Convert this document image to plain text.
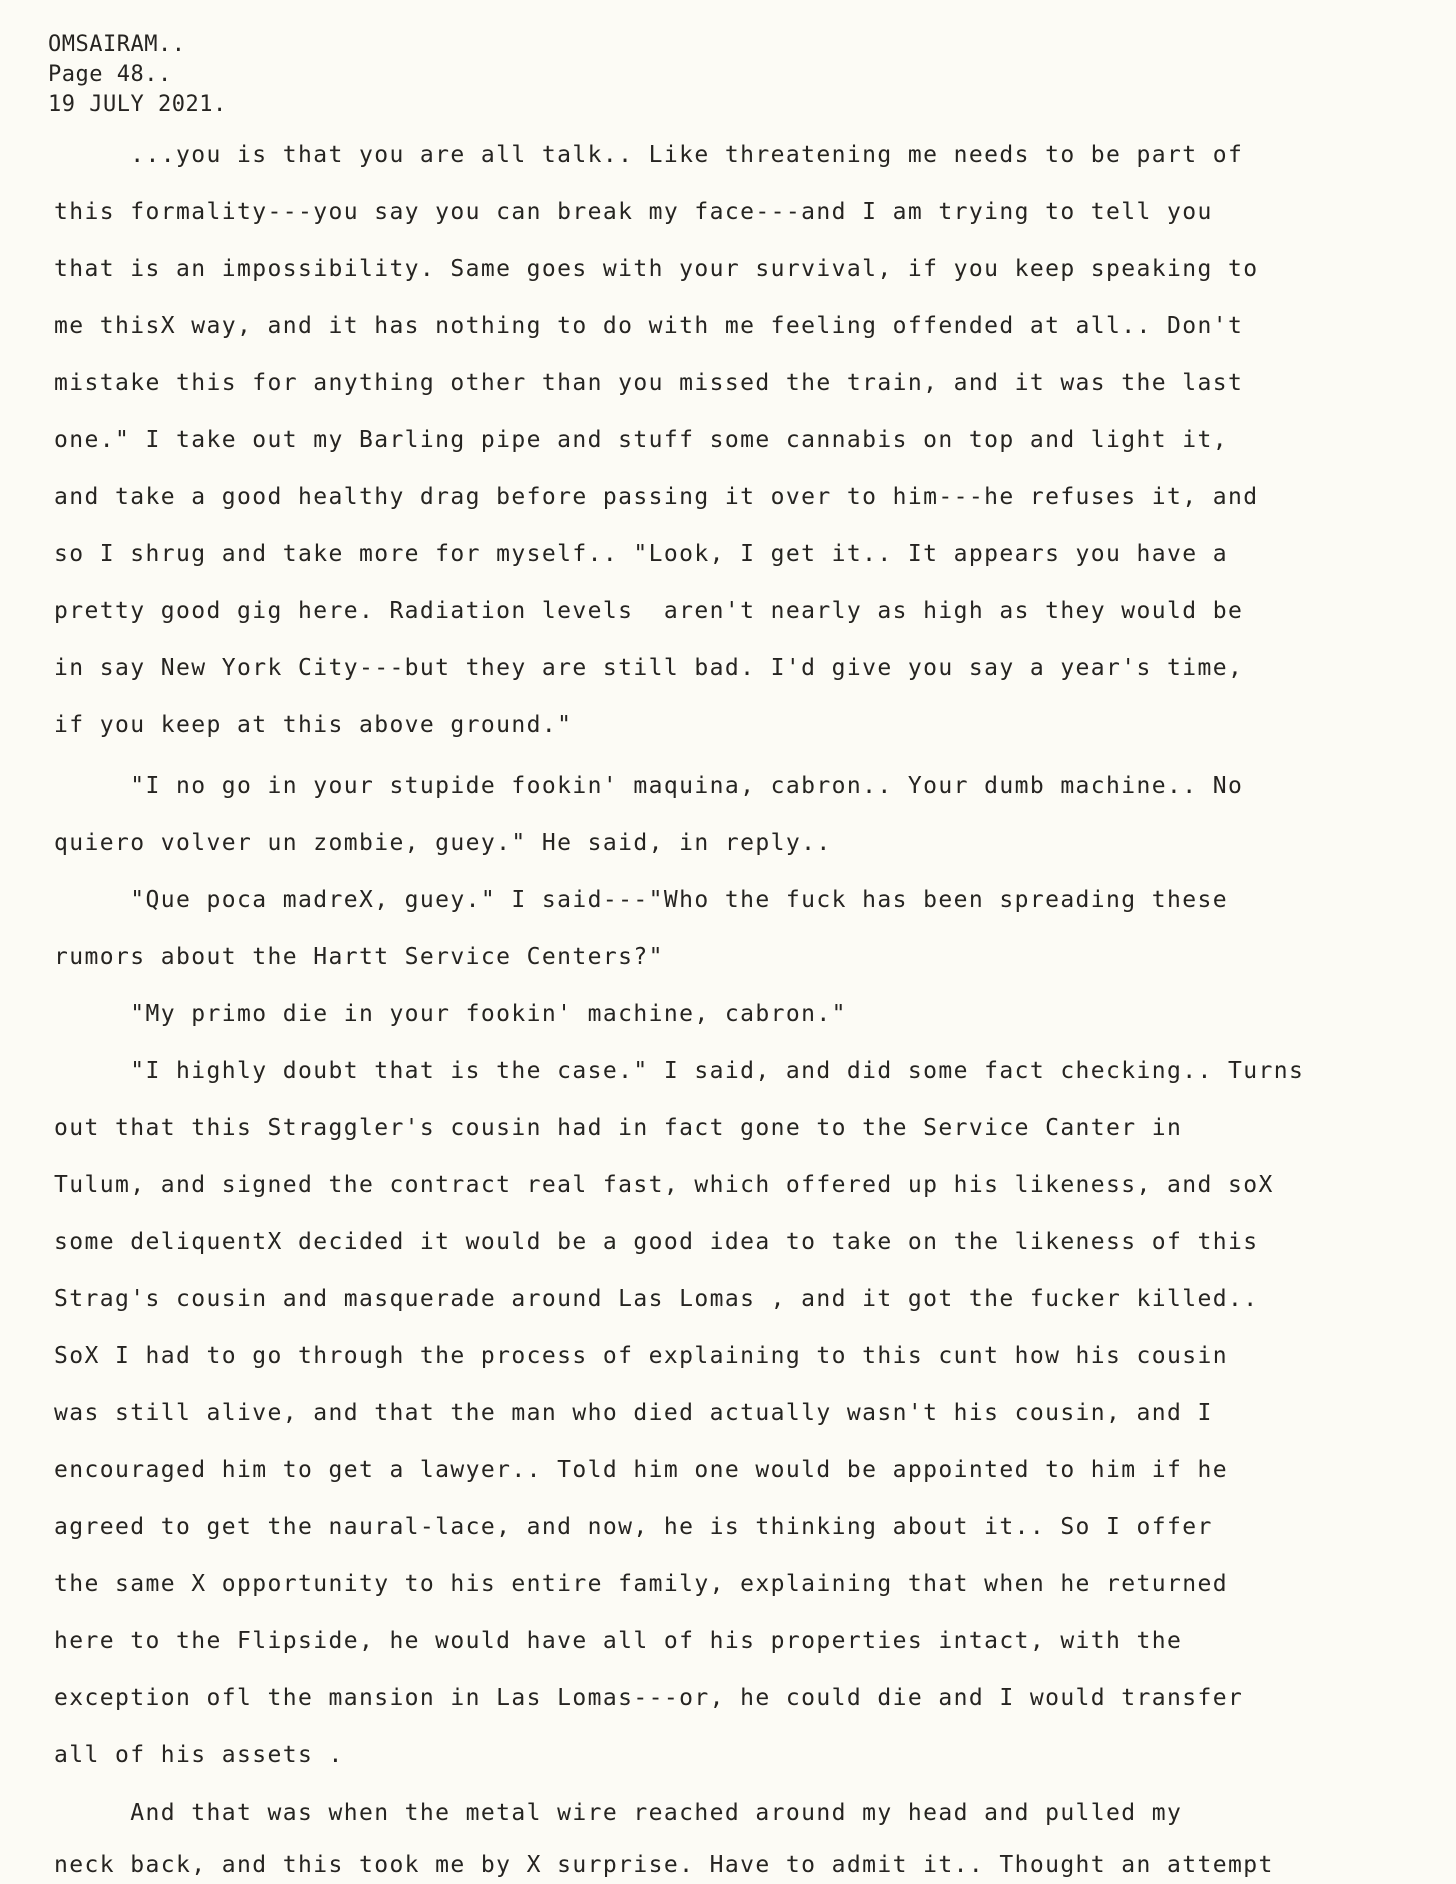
OMSAIRAM..
Page 48..
19 JULY 2021.
...you is that you are all talk.. Like threatening me needs to be part of
this formality---you say you can break my face---and I am trying to tell you
that is an impossibility. Same goes with your survival, if you keep speaking to
me thisX way, and it has nothing to do with me feeling offended at all.. Don't
mistake this for anything other than you missed the train, and it was the last
one." I take out my Barling pipe and stuff some cannabis on top and light it,
and take a good healthy drag before passing it over to him---he refuses it, and
so I shrug and take more for myself.. "Look, I get it.. It appears you have a
pretty good gig here. Radiation levels  aren't nearly as high as they would be
in say New York City---but they are still bad. I'd give you say a year's time,
if you keep at this above ground."
"I no go in your stupide fookin' maquina, cabron.. Your dumb machine.. No
quiero volver un zombie, guey." He said, in reply..
"Que poca madreX, guey." I said---"Who the fuck has been spreading these
rumors about the Hartt Service Centers?"
"My primo die in your fookin' machine, cabron."
"I highly doubt that is the case." I said, and did some fact checking.. Turns
out that this Straggler's cousin had in fact gone to the Service Canter in
Tulum, and signed the contract real fast, which offered up his likeness, and soX
some deliquentX decided it would be a good idea to take on the likeness of this
Strag's cousin and masquerade around Las Lomas , and it got the fucker killed..
SoX I had to go through the process of explaining to this cunt how his cousin
was still alive, and that the man who died actually wasn't his cousin, and I
encouraged him to get a lawyer.. Told him one would be appointed to him if he
agreed to get the naural-lace, and now, he is thinking about it.. So I offer
the same X opportunity to his entire family, explaining that when he returned
here to the Flipside, he would have all of his properties intact, with the
exception ofl the mansion in Las Lomas---or, he could die and I would transfer
all of his assets .
And that was when the metal wire reached around my head and pulled my
neck back, and this took me by X surprise. Have to admit it.. Thought an attempt
